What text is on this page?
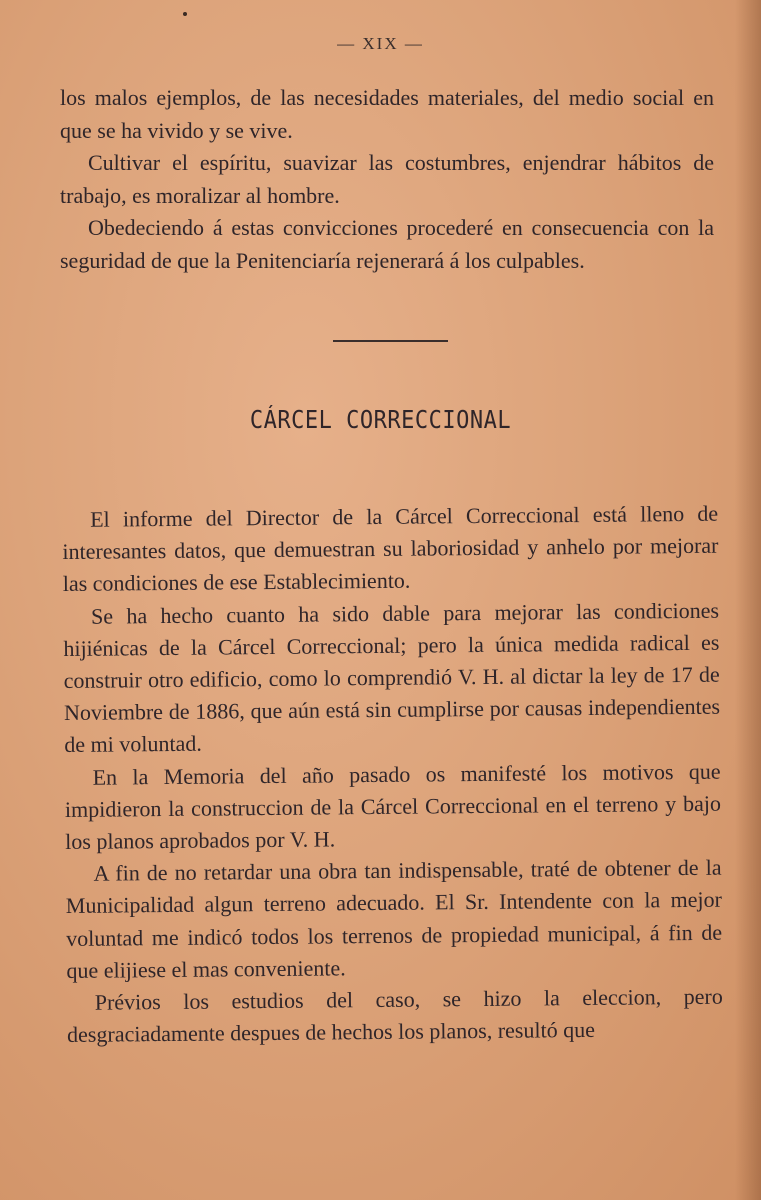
— XIX —

los malos ejemplos, de las necesidades materiales, del medio social en que se ha vivido y se vive.

Cultivar el espíritu, suavizar las costumbres, enjendrar hábitos de trabajo, es moralizar al hombre.

Obedeciendo á estas convicciones procederé en consecuencia con la seguridad de que la Penitenciaría rejenerará á los culpables.

CÁRCEL CORRECCIONAL

El informe del Director de la Cárcel Correccional está lleno de interesantes datos, que demuestran su laboriosidad y anhelo por mejorar las condiciones de ese Establecimiento.

Se ha hecho cuanto ha sido dable para mejorar las condiciones hijiénicas de la Cárcel Correccional; pero la única medida radical es construir otro edificio, como lo comprendió V. H. al dictar la ley de 17 de Noviembre de 1886, que aún está sin cumplirse por causas independientes de mi voluntad.

En la Memoria del año pasado os manifesté los motivos que impidieron la construccion de la Cárcel Correccional en el terreno y bajo los planos aprobados por V. H.

A fin de no retardar una obra tan indispensable, traté de obtener de la Municipalidad algun terreno adecuado. El Sr. Intendente con la mejor voluntad me indicó todos los terrenos de propiedad municipal, á fin de que elijiese el mas conveniente.

Prévios los estudios del caso, se hizo la eleccion, pero desgraciadamente despues de hechos los planos, resultó que
